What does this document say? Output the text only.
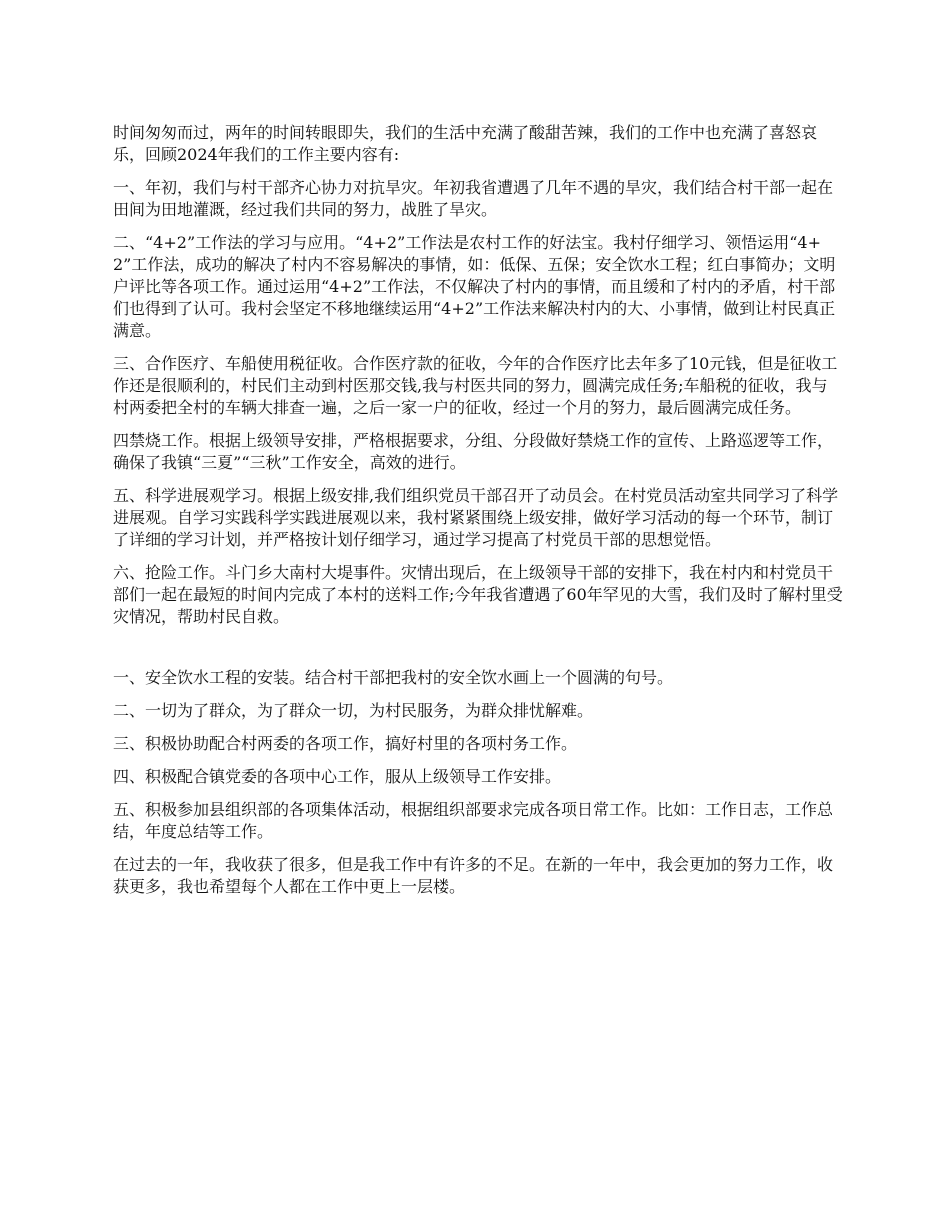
时间匆匆而过，两年的时间转眼即失，我们的生活中充满了酸甜苦辣，我们的工作中也充满了喜怒哀乐，回顾2024年我们的工作主要内容有:

一、年初，我们与村干部齐心协力对抗旱灾。年初我省遭遇了几年不遇的旱灾，我们结合村干部一起在田间为田地灌溉，经过我们共同的努力，战胜了旱灾。

二、“4+2”工作法的学习与应用。“4+2”工作法是农村工作的好法宝。我村仔细学习、领悟运用“4+2”工作法，成功的解决了村内不容易解决的事情，如：低保、五保；安全饮水工程；红白事简办；文明户评比等各项工作。通过运用“4+2”工作法，不仅解决了村内的事情，而且缓和了村内的矛盾，村干部们也得到了认可。我村会坚定不移地继续运用“4+2”工作法来解决村内的大、小事情，做到让村民真正满意。

三、合作医疗、车船使用税征收。合作医疗款的征收，今年的合作医疗比去年多了10元钱，但是征收工作还是很顺利的，村民们主动到村医那交钱,我与村医共同的努力，圆满完成任务;车船税的征收，我与村两委把全村的车辆大排查一遍，之后一家一户的征收，经过一个月的努力，最后圆满完成任务。

四禁烧工作。根据上级领导安排，严格根据要求，分组、分段做好禁烧工作的宣传、上路巡逻等工作，确保了我镇“三夏”“三秋”工作安全，高效的进行。

五、科学进展观学习。根据上级安排,我们组织党员干部召开了动员会。在村党员活动室共同学习了科学进展观。自学习实践科学实践进展观以来，我村紧紧围绕上级安排，做好学习活动的每一个环节，制订了详细的学习计划，并严格按计划仔细学习，通过学习提高了村党员干部的思想觉悟。

六、抢险工作。斗门乡大南村大堤事件。灾情出现后，在上级领导干部的安排下，我在村内和村党员干部们一起在最短的时间内完成了本村的送料工作;今年我省遭遇了60年罕见的大雪，我们及时了解村里受灾情况，帮助村民自救。

一、安全饮水工程的安装。结合村干部把我村的安全饮水画上一个圆满的句号。

二、一切为了群众，为了群众一切，为村民服务，为群众排忧解难。

三、积极协助配合村两委的各项工作，搞好村里的各项村务工作。

四、积极配合镇党委的各项中心工作，服从上级领导工作安排。

五、积极参加县组织部的各项集体活动，根据组织部要求完成各项日常工作。比如：工作日志，工作总结，年度总结等工作。

在过去的一年，我收获了很多，但是我工作中有许多的不足。在新的一年中，我会更加的努力工作，收获更多，我也希望每个人都在工作中更上一层楼。
